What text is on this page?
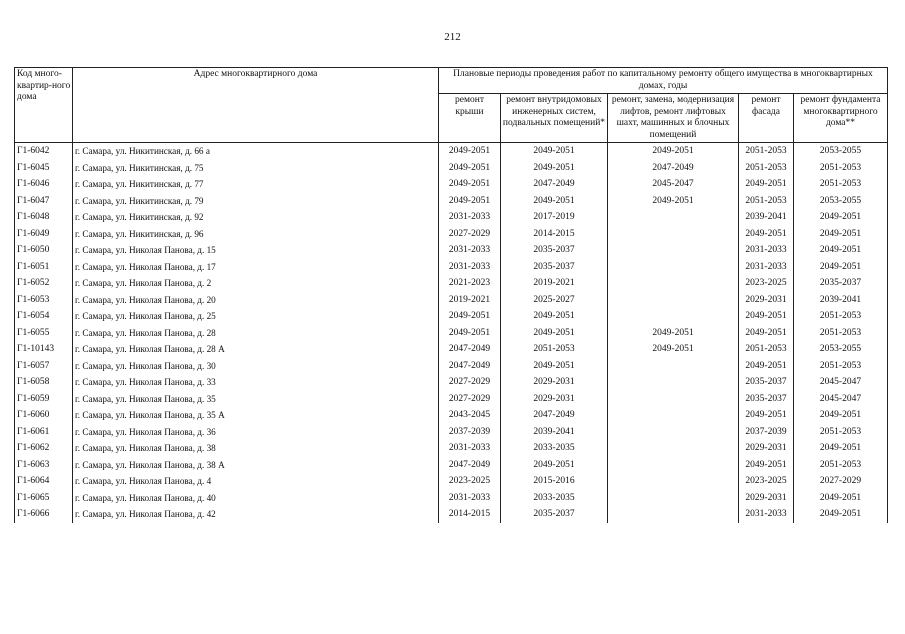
212
Код много-квартир-ного дома	Адрес многоквартирного дома	Плановые периоды проведения работ по капитальному ремонту общего имущества в многоквартирных домах, годы				
		ремонт крыши	ремонт внутридомовых инженерных систем, подвальных помещений*	ремонт, замена, модернизация лифтов, ремонт лифтовых шахт, машинных и блочных помещений	ремонт фасада	ремонт фундамента многоквартирного дома**
Г1-6042	г. Самара, ул. Никитинская, д. 66 а	2049-2051	2049-2051	2049-2051	2051-2053	2053-2055
Г1-6045	г. Самара, ул. Никитинская, д. 75	2049-2051	2049-2051	2047-2049	2051-2053	2051-2053
Г1-6046	г. Самара, ул. Никитинская, д. 77	2049-2051	2047-2049	2045-2047	2049-2051	2051-2053
Г1-6047	г. Самара, ул. Никитинская, д. 79	2049-2051	2049-2051	2049-2051	2051-2053	2053-2055
Г1-6048	г. Самара, ул. Никитинская, д. 92	2031-2033	2017-2019		2039-2041	2049-2051
Г1-6049	г. Самара, ул. Никитинская, д. 96	2027-2029	2014-2015		2049-2051	2049-2051
Г1-6050	г. Самара, ул. Николая Панова, д. 15	2031-2033	2035-2037		2031-2033	2049-2051
Г1-6051	г. Самара, ул. Николая Панова, д. 17	2031-2033	2035-2037		2031-2033	2049-2051
Г1-6052	г. Самара, ул. Николая Панова, д. 2	2021-2023	2019-2021		2023-2025	2035-2037
Г1-6053	г. Самара, ул. Николая Панова, д. 20	2019-2021	2025-2027		2029-2031	2039-2041
Г1-6054	г. Самара, ул. Николая Панова, д. 25	2049-2051	2049-2051		2049-2051	2051-2053
Г1-6055	г. Самара, ул. Николая Панова, д. 28	2049-2051	2049-2051	2049-2051	2049-2051	2051-2053
Г1-10143	г. Самара, ул. Николая Панова, д. 28 А	2047-2049	2051-2053	2049-2051	2051-2053	2053-2055
Г1-6057	г. Самара, ул. Николая Панова, д. 30	2047-2049	2049-2051		2049-2051	2051-2053
Г1-6058	г. Самара, ул. Николая Панова, д. 33	2027-2029	2029-2031		2035-2037	2045-2047
Г1-6059	г. Самара, ул. Николая Панова, д. 35	2027-2029	2029-2031		2035-2037	2045-2047
Г1-6060	г. Самара, ул. Николая Панова, д. 35 А	2043-2045	2047-2049		2049-2051	2049-2051
Г1-6061	г. Самара, ул. Николая Панова, д. 36	2037-2039	2039-2041		2037-2039	2051-2053
Г1-6062	г. Самара, ул. Николая Панова, д. 38	2031-2033	2033-2035		2029-2031	2049-2051
Г1-6063	г. Самара, ул. Николая Панова, д. 38 А	2047-2049	2049-2051		2049-2051	2051-2053
Г1-6064	г. Самара, ул. Николая Панова, д. 4	2023-2025	2015-2016		2023-2025	2027-2029
Г1-6065	г. Самара, ул. Николая Панова, д. 40	2031-2033	2033-2035		2029-2031	2049-2051
Г1-6066	г. Самара, ул. Николая Панова, д. 42	2014-2015	2035-2037		2031-2033	2049-2051
